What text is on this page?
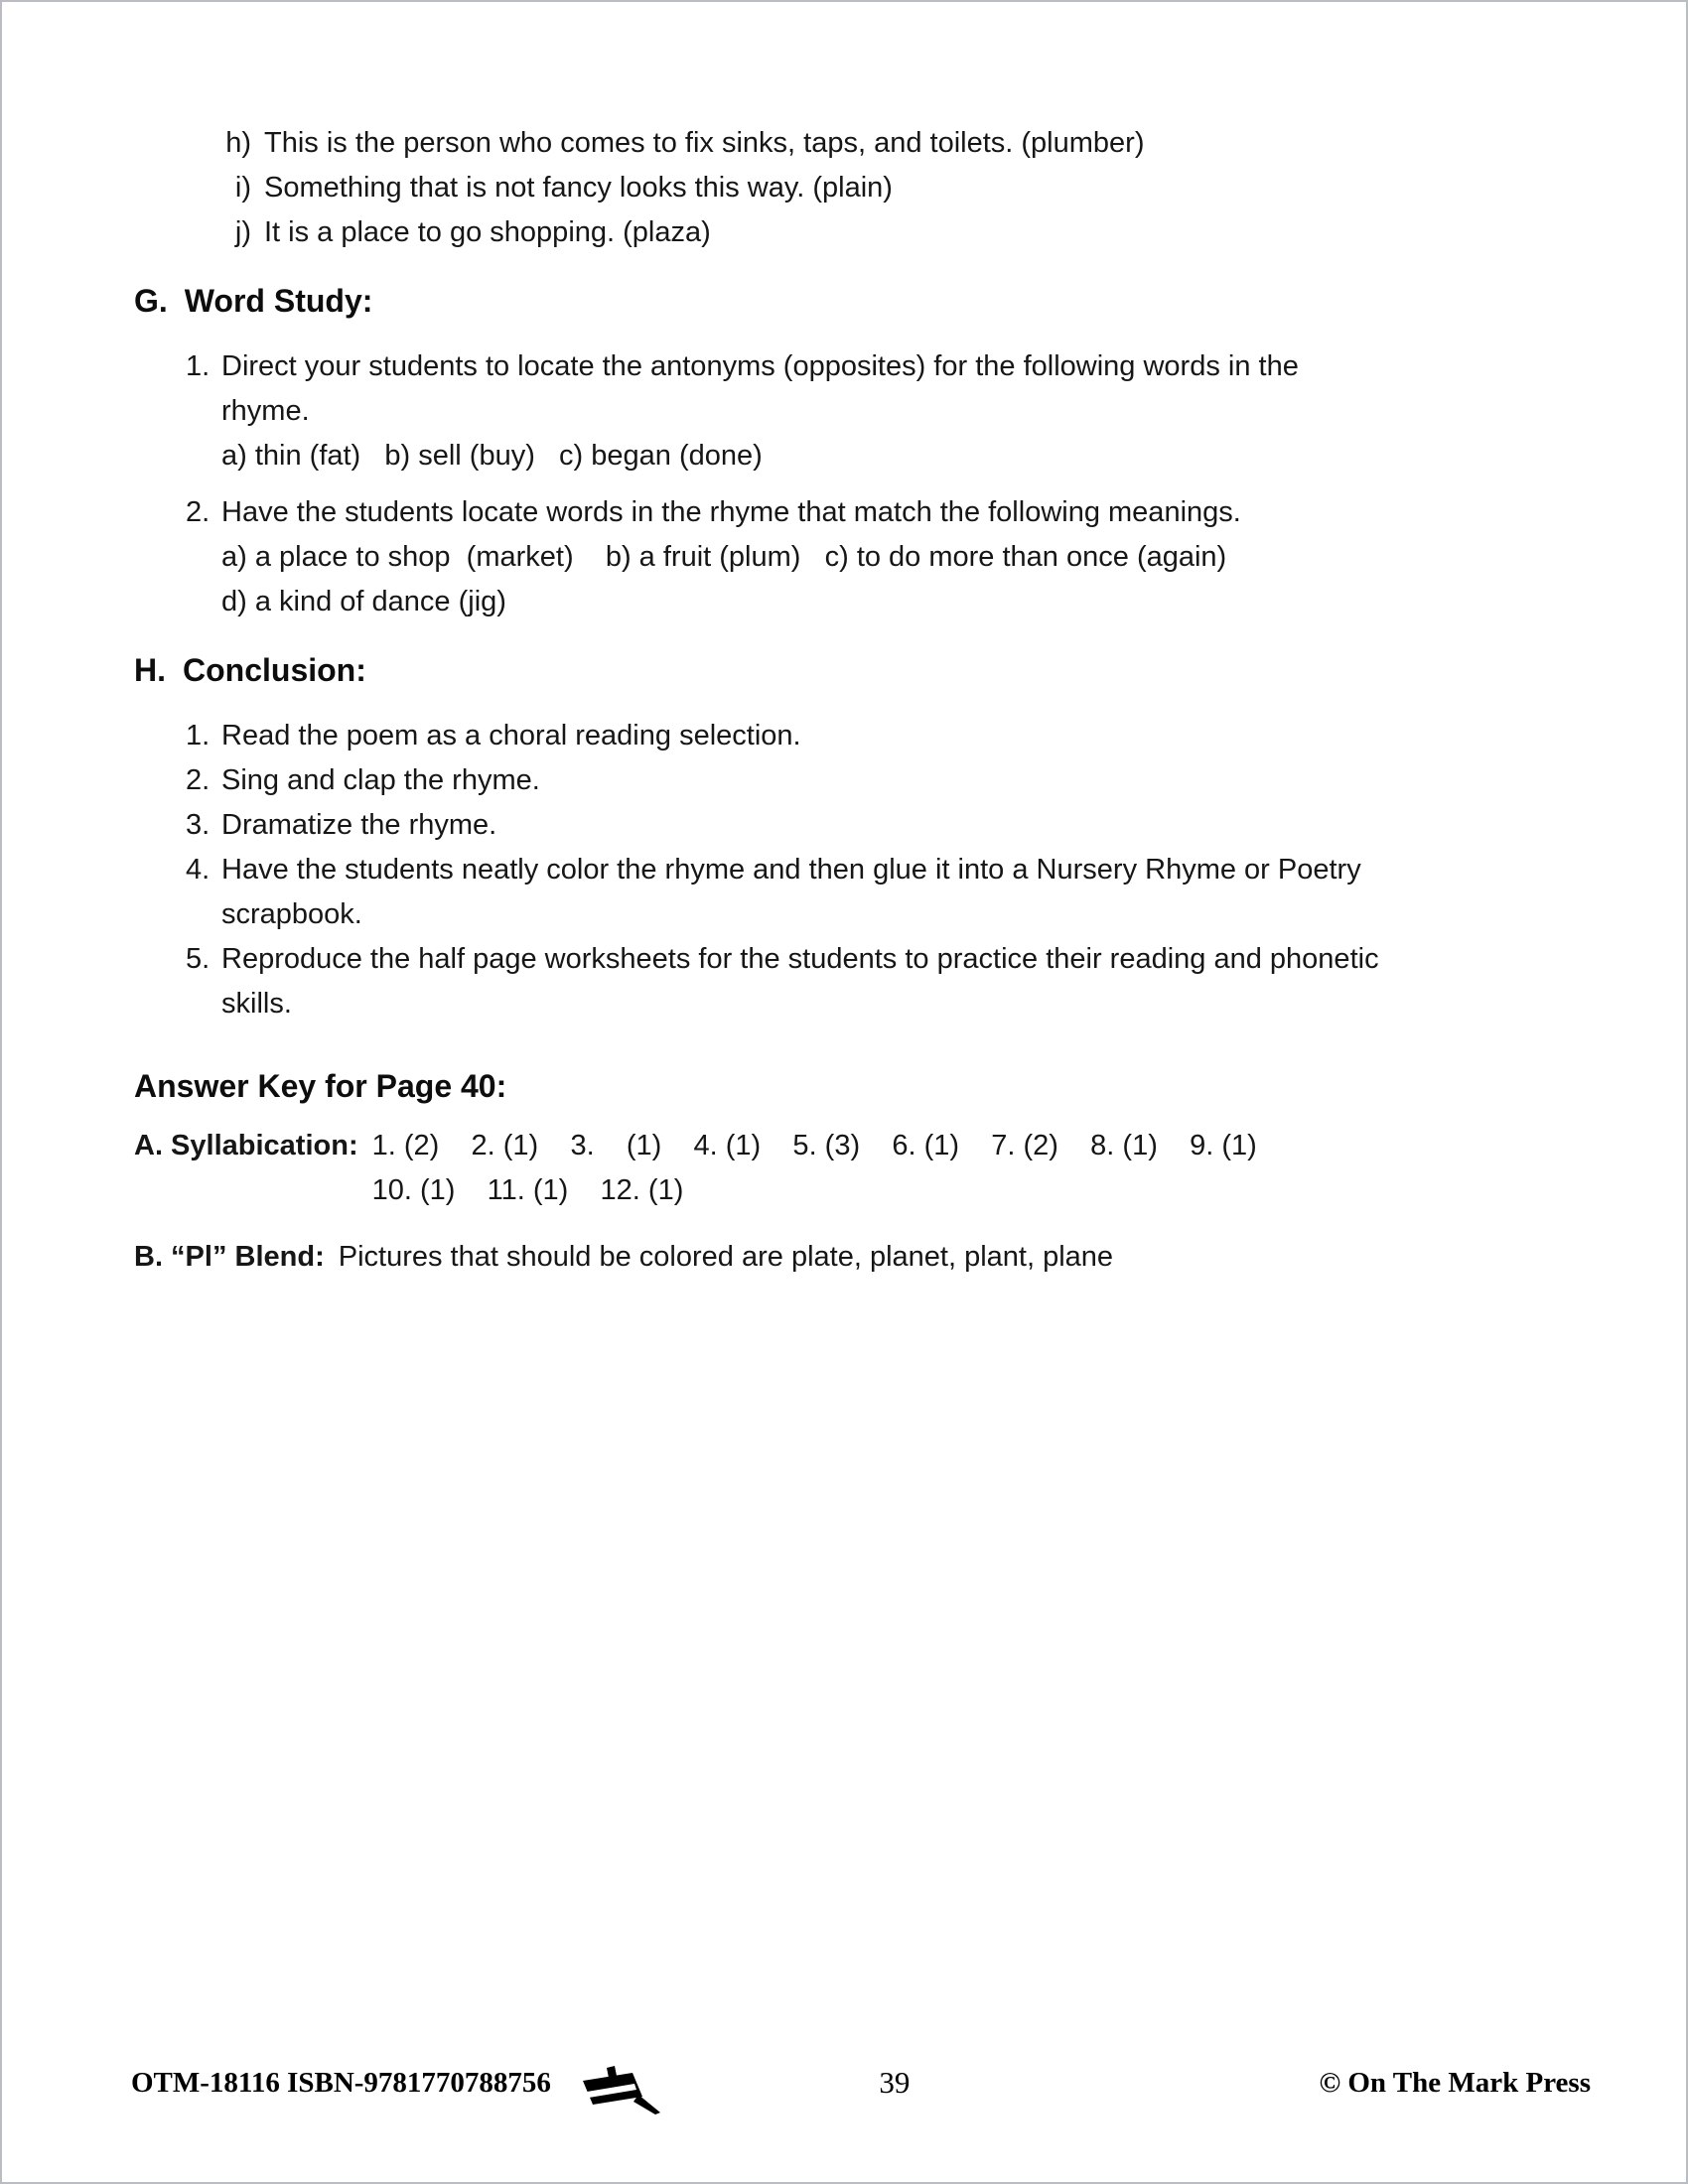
h) This is the person who comes to fix sinks, taps, and toilets. (plumber)
i) Something that is not fancy looks this way. (plain)
j) It is a place to go shopping. (plaza)
G. Word Study:
1. Direct your students to locate the antonyms (opposites) for the following words in the
rhyme.
a) thin (fat)   b) sell (buy)   c) began (done)
2. Have the students locate words in the rhyme that match the following meanings.
a) a place to shop  (market)    b) a fruit (plum)   c) to do more than once (again)
d) a kind of dance (jig)
H. Conclusion:
1. Read the poem as a choral reading selection.
2. Sing and clap the rhyme.
3. Dramatize the rhyme.
4. Have the students neatly color the rhyme and then glue it into a Nursery Rhyme or Poetry
scrapbook.
5. Reproduce the half page worksheets for the students to practice their reading and phonetic
skills.
Answer Key for Page 40:
A. Syllabication: 1. (2)    2. (1)    3.    (1)    4. (1)    5. (3)    6. (1)    7. (2)    8. (1)    9. (1)
10. (1)    11. (1)    12. (1)
B. “Pl” Blend: Pictures that should be colored are plate, planet, plant, plane
OTM-18116 ISBN-9781770788756	39	© On The Mark Press
